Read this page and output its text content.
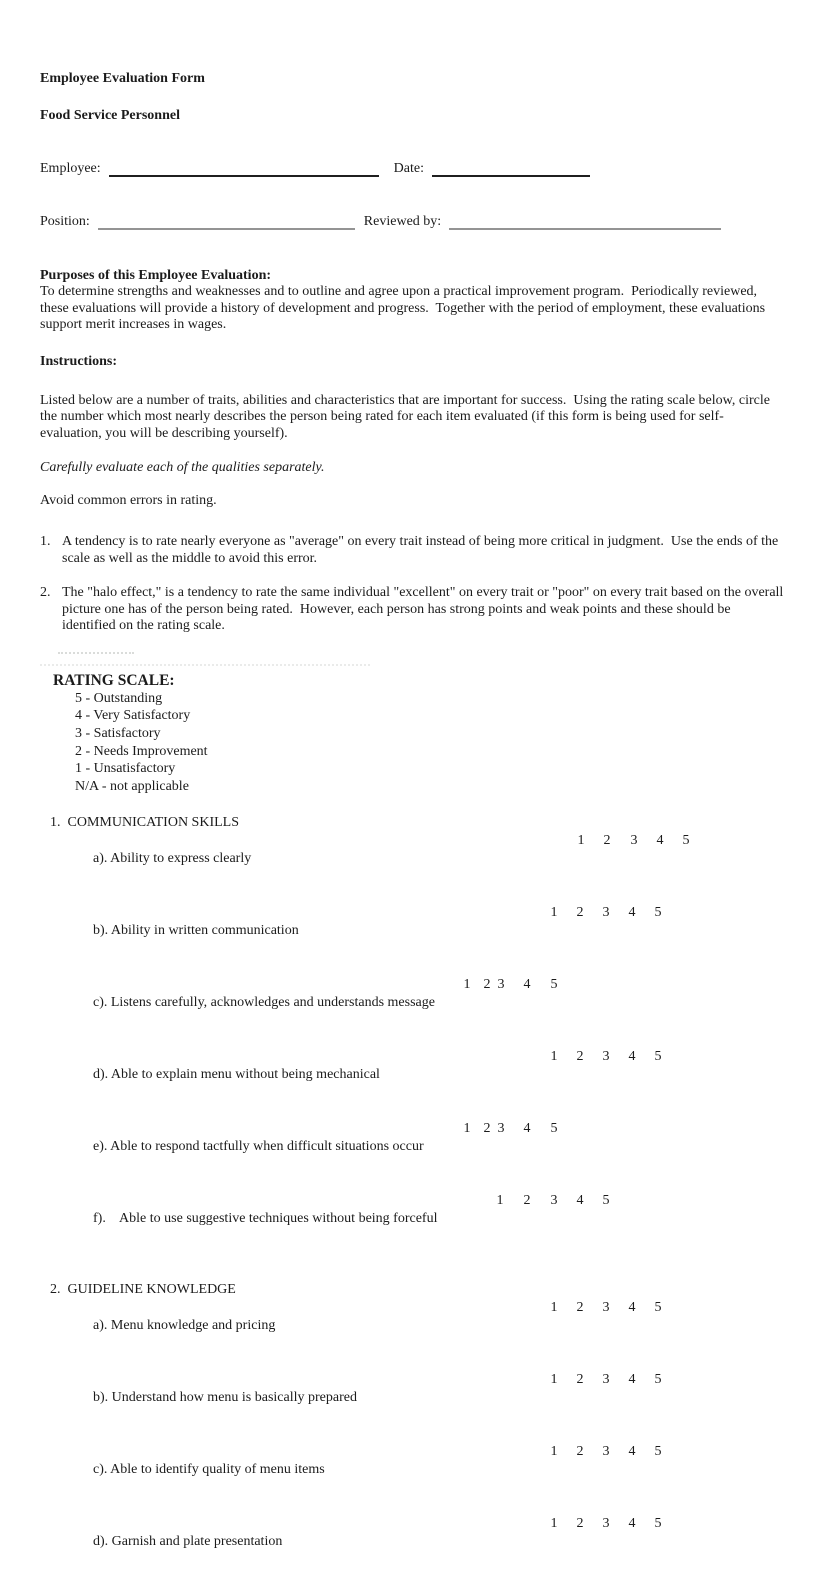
Employee Evaluation Form

Food Service Personnel

Employee:	Date:
Position:	Reviewed by:

Purposes of this Employee Evaluation:

To determine strengths and weaknesses and to outline and agree upon a practical improvement program.  Periodically reviewed, these evaluations will provide a history of development and progress.  Together with the period of employment, these evaluations support merit increases in wages.

Instructions:

Listed below are a number of traits, abilities and characteristics that are important for success.  Using the rating scale below, circle the number which most nearly describes the person being rated for each item evaluated (if this form is being used for self-evaluation, you will be describing yourself).

Carefully evaluate each of the qualities separately.

Avoid common errors in rating.

1. A tendency is to rate nearly everyone as "average" on every trait instead of being more critical in judgment.  Use the ends of the scale as well as the middle to avoid this error.
2. The "halo effect," is a tendency to rate the same individual "excellent" on every trait or "poor" on every trait based on the overall picture one has of the person being rated.  However, each person has strong points and weak points and these should be identified on the rating scale.

RATING SCALE:

5 - Outstanding
4 - Very Satisfactory
3 - Satisfactory
2 - Needs Improvement
1 - Unsatisfactory
N/A - not applicable

1. COMMUNICATION SKILLS

a). Ability to express clearly

1 2 3 4 5

b). Ability in written communication

1 2 3 4 5

c). Listens carefully, acknowledges and understands message

1 2 3 4 5

d). Able to explain menu without being mechanical

1 2 3 4 5

e). Able to respond tactfully when difficult situations occur

1 2 3 4 5

f).    Able to use suggestive techniques without being forceful

1 2 3 4 5

2. GUIDELINE KNOWLEDGE

a). Menu knowledge and pricing

1 2 3 4 5

b). Understand how menu is basically prepared

1 2 3 4 5

c). Able to identify quality of menu items

1 2 3 4 5

d). Garnish and plate presentation

1 2 3 4 5
